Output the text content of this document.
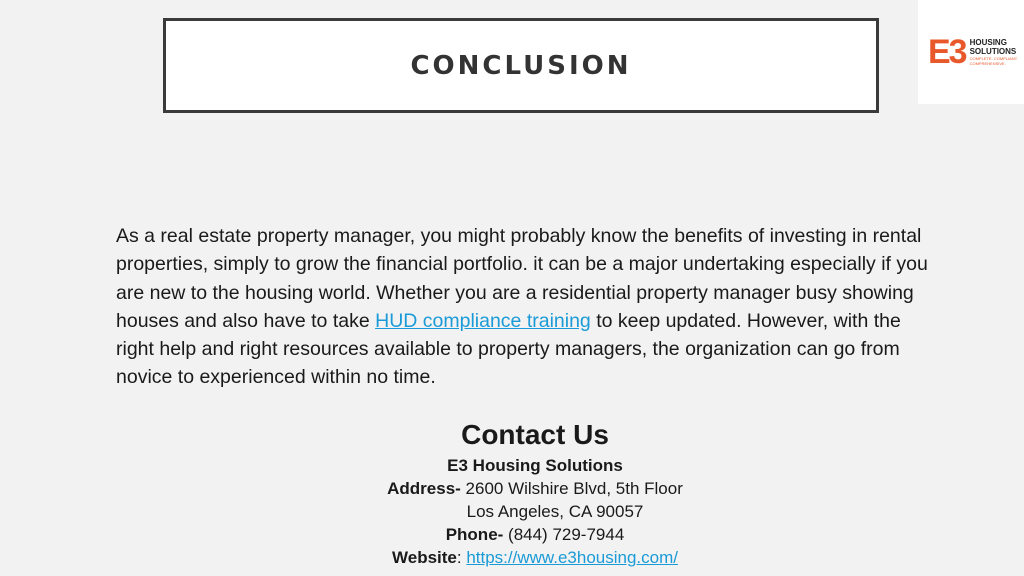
CONCLUSION	E3 HOUSING
SOLUTIONS
COMPLETE. COMPLIANT. COMPREHENSIVE.

As a real estate property manager, you might probably know the benefits of investing in rental properties, simply to grow the financial portfolio. it can be a major undertaking especially if you are new to the housing world. Whether you are a residential property manager busy showing houses and also have to take HUD compliance training to keep updated. However, with the right help and right resources available to property managers, the organization can go from novice to experienced within no time.

Contact Us

E3 Housing Solutions

Address- 2600 Wilshire Blvd, 5th Floor

Los Angeles, CA 90057

Phone- (844) 729-7944

Website: https://www.e3housing.com/
